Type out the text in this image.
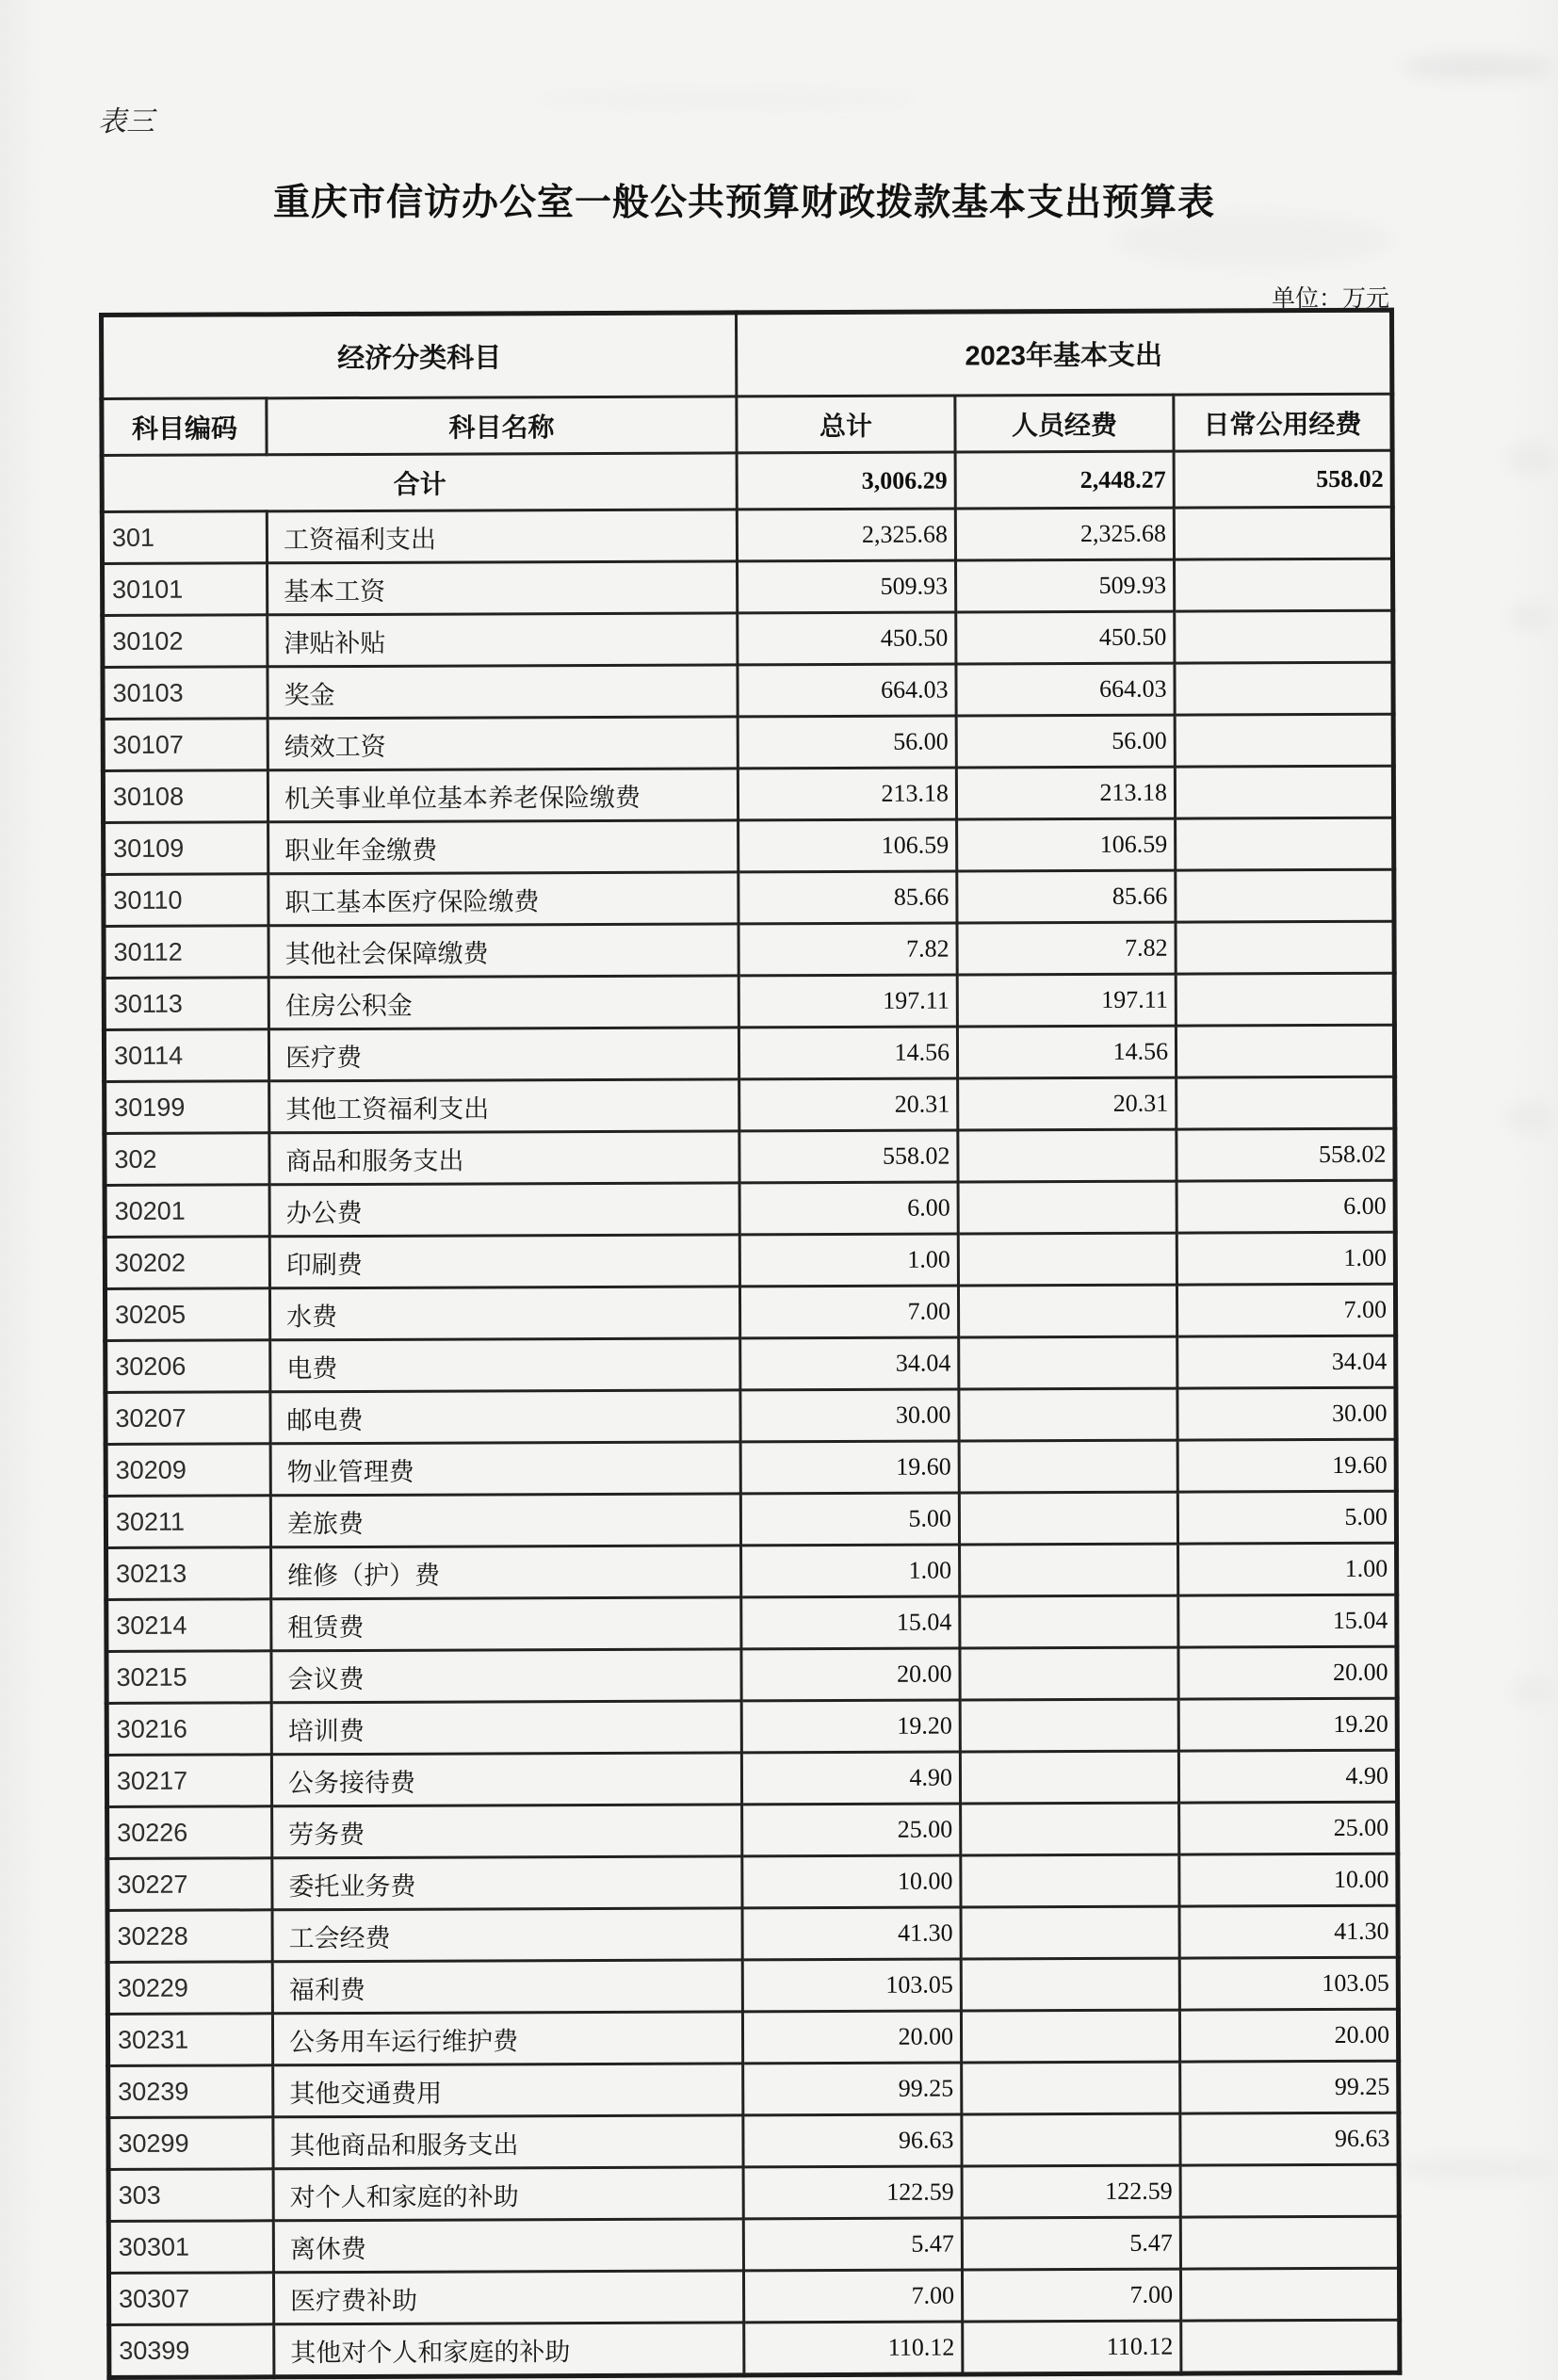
表三
重庆市信访办公室一般公共预算财政拨款基本支出预算表
单位：万元
经济分类科目		2023年基本支出		
科目编码	科目名称	总计	人员经费	日常公用经费
合计		3,006.29	2,448.27	558.02
301	工资福利支出	2,325.68	2,325.68	
30101	基本工资	509.93	509.93	
30102	津贴补贴	450.50	450.50	
30103	奖金	664.03	664.03	
30107	绩效工资	56.00	56.00	
30108	机关事业单位基本养老保险缴费	213.18	213.18	
30109	职业年金缴费	106.59	106.59	
30110	职工基本医疗保险缴费	85.66	85.66	
30112	其他社会保障缴费	7.82	7.82	
30113	住房公积金	197.11	197.11	
30114	医疗费	14.56	14.56	
30199	其他工资福利支出	20.31	20.31	
302	商品和服务支出	558.02		558.02
30201	办公费	6.00		6.00
30202	印刷费	1.00		1.00
30205	水费	7.00		7.00
30206	电费	34.04		34.04
30207	邮电费	30.00		30.00
30209	物业管理费	19.60		19.60
30211	差旅费	5.00		5.00
30213	维修（护）费	1.00		1.00
30214	租赁费	15.04		15.04
30215	会议费	20.00		20.00
30216	培训费	19.20		19.20
30217	公务接待费	4.90		4.90
30226	劳务费	25.00		25.00
30227	委托业务费	10.00		10.00
30228	工会经费	41.30		41.30
30229	福利费	103.05		103.05
30231	公务用车运行维护费	20.00		20.00
30239	其他交通费用	99.25		99.25
30299	其他商品和服务支出	96.63		96.63
303	对个人和家庭的补助	122.59	122.59	
30301	离休费	5.47	5.47	
30307	医疗费补助	7.00	7.00	
30399	其他对个人和家庭的补助	110.12	110.12	
